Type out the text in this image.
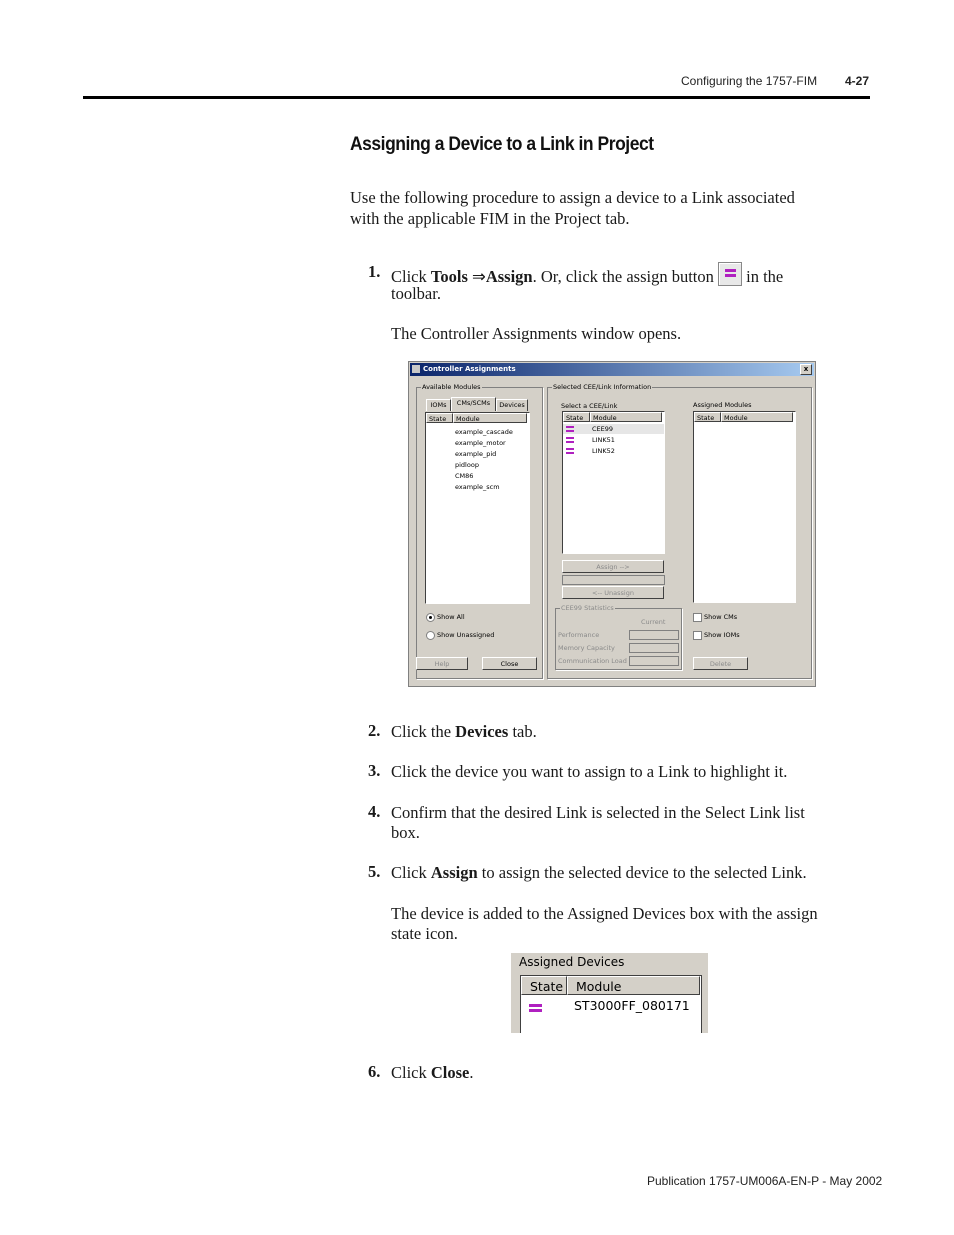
Configuring the 1757-FIM 4-27
Assigning a Device to a Link in Project

Use the following procedure to assign a device to a Link associated

with the applicable FIM in the Project tab.

1. Click Tools ⇒Assign. Or, click the assign button
in the

toolbar.

The Controller Assignments window opens.

Controller Assignments	x
Available Modules
IOMs	CMs/SCMs	Devices
State	Module
example_cascade
example_motor
example_pid
pidloop
CM86
example_scm
Show All
Show Unassigned
Help	Close
Selected CEE/Link Information
Select a CEE/Link
State	Module
CEE99
LINK51
LINK52
Assign -->
<-- Unassign
CEE99 Statistics
Current
Performance
Memory Capacity
Communication Load
Assigned Modules
State	Module
Show CMs
Show IOMs
Delete
2. Click the Devices tab.

3. Click the device you want to assign to a Link to highlight it.

4. Confirm that the desired Link is selected in the Select Link list

box.

5. Click Assign to assign the selected device to the selected Link.

The device is added to the Assigned Devices box with the assign

state icon.

Assigned Devices
State	Module
ST3000FF_080171
6. Click Close.

Publication 1757-UM006A-EN-P - May 2002
